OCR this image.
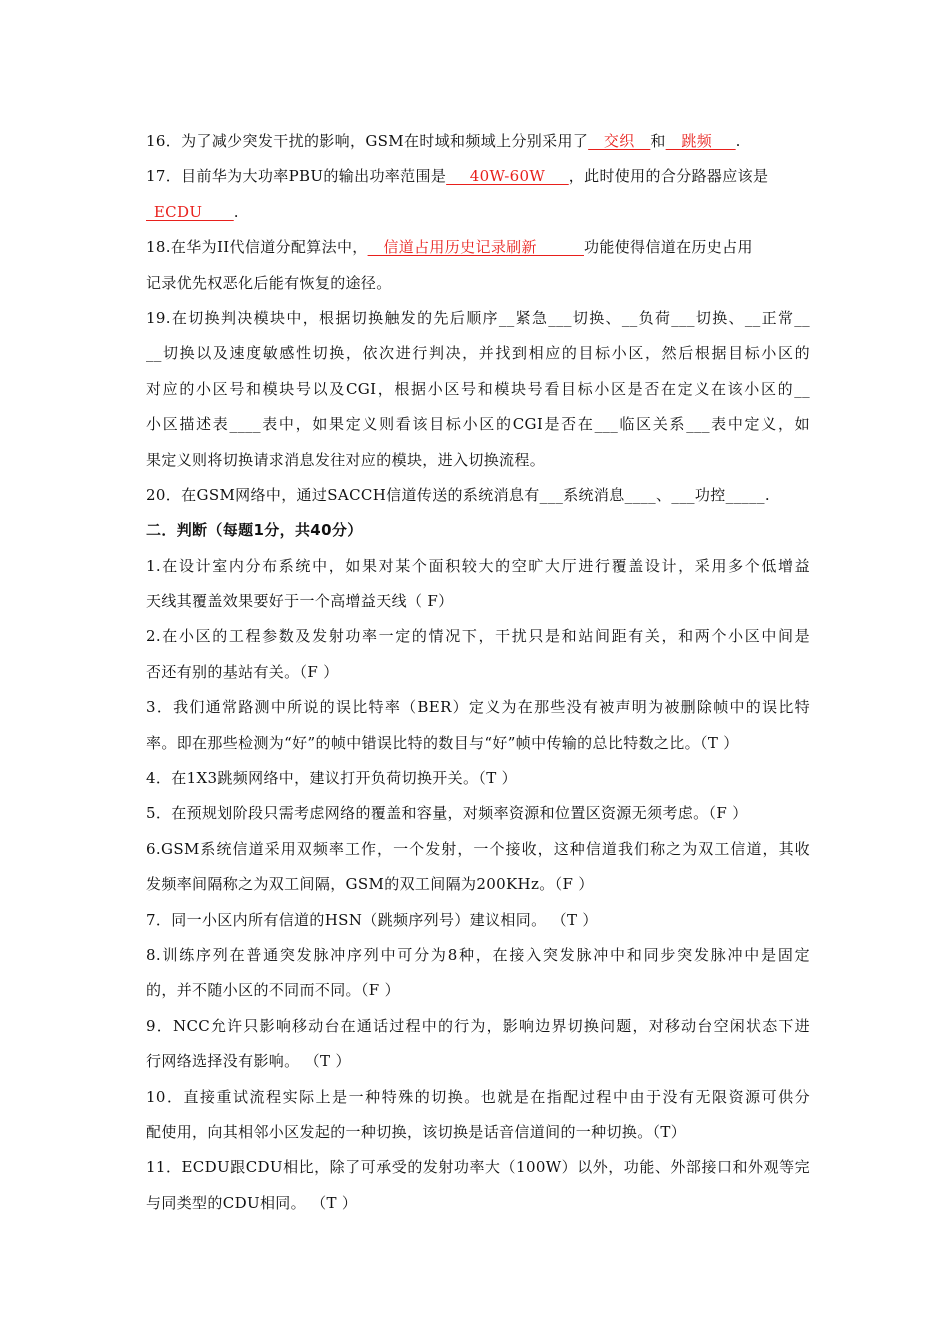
16．为了减少突发干扰的影响，GSM在时域和频域上分别采用了__交织__和__跳频___.
17．目前华为大功率PBU的输出功率范围是___40W-60W___，此时使用的合分路器应该是
_ECDU____.
18.在华为II代信道分配算法中，__信道占用历史记录刷新______功能使得信道在历史占用
记录优先权恶化后能有恢复的途径。
19.在切换判决模块中，根据切换触发的先后顺序__紧急___切换、__负荷___切换、__正常__
__切换以及速度敏感性切换，依次进行判决，并找到相应的目标小区，然后根据目标小区的
对应的小区号和模块号以及CGI，根据小区号和模块号看目标小区是否在定义在该小区的__
小区描述表____表中，如果定义则看该目标小区的CGI是否在___临区关系___表中定义，如
果定义则将切换请求消息发往对应的模块，进入切换流程。
20．在GSM网络中，通过SACCH信道传送的系统消息有___系统消息____、___功控_____.
二．判断（每题1分，共40分）
1.在设计室内分布系统中，如果对某个面积较大的空旷大厅进行覆盖设计，采用多个低增益
天线其覆盖效果要好于一个高增益天线（ F）
2.在小区的工程参数及发射功率一定的情况下，干扰只是和站间距有关，和两个小区中间是
否还有别的基站有关。（F ）
3．我们通常路测中所说的误比特率（BER）定义为在那些没有被声明为被删除帧中的误比特
率。即在那些检测为“好”的帧中错误比特的数目与“好”帧中传输的总比特数之比。（T ）
4．在1X3跳频网络中，建议打开负荷切换开关。（T ）
5．在预规划阶段只需考虑网络的覆盖和容量，对频率资源和位置区资源无须考虑。（F ）
6.GSM系统信道采用双频率工作，一个发射，一个接收，这种信道我们称之为双工信道，其收
发频率间隔称之为双工间隔，GSM的双工间隔为200KHz。（F ）
7．同一小区内所有信道的HSN（跳频序列号）建议相同。 （T ）
8.训练序列在普通突发脉冲序列中可分为8种，在接入突发脉冲中和同步突发脉冲中是固定
的，并不随小区的不同而不同。（F ）
9．NCC允许只影响移动台在通话过程中的行为，影响边界切换问题，对移动台空闲状态下进
行网络选择没有影响。 （T ）
10．直接重试流程实际上是一种特殊的切换。也就是在指配过程中由于没有无限资源可供分
配使用，向其相邻小区发起的一种切换，该切换是话音信道间的一种切换。（T）
11．ECDU跟CDU相比，除了可承受的发射功率大（100W）以外，功能、外部接口和外观等完
与同类型的CDU相同。 （T ）
